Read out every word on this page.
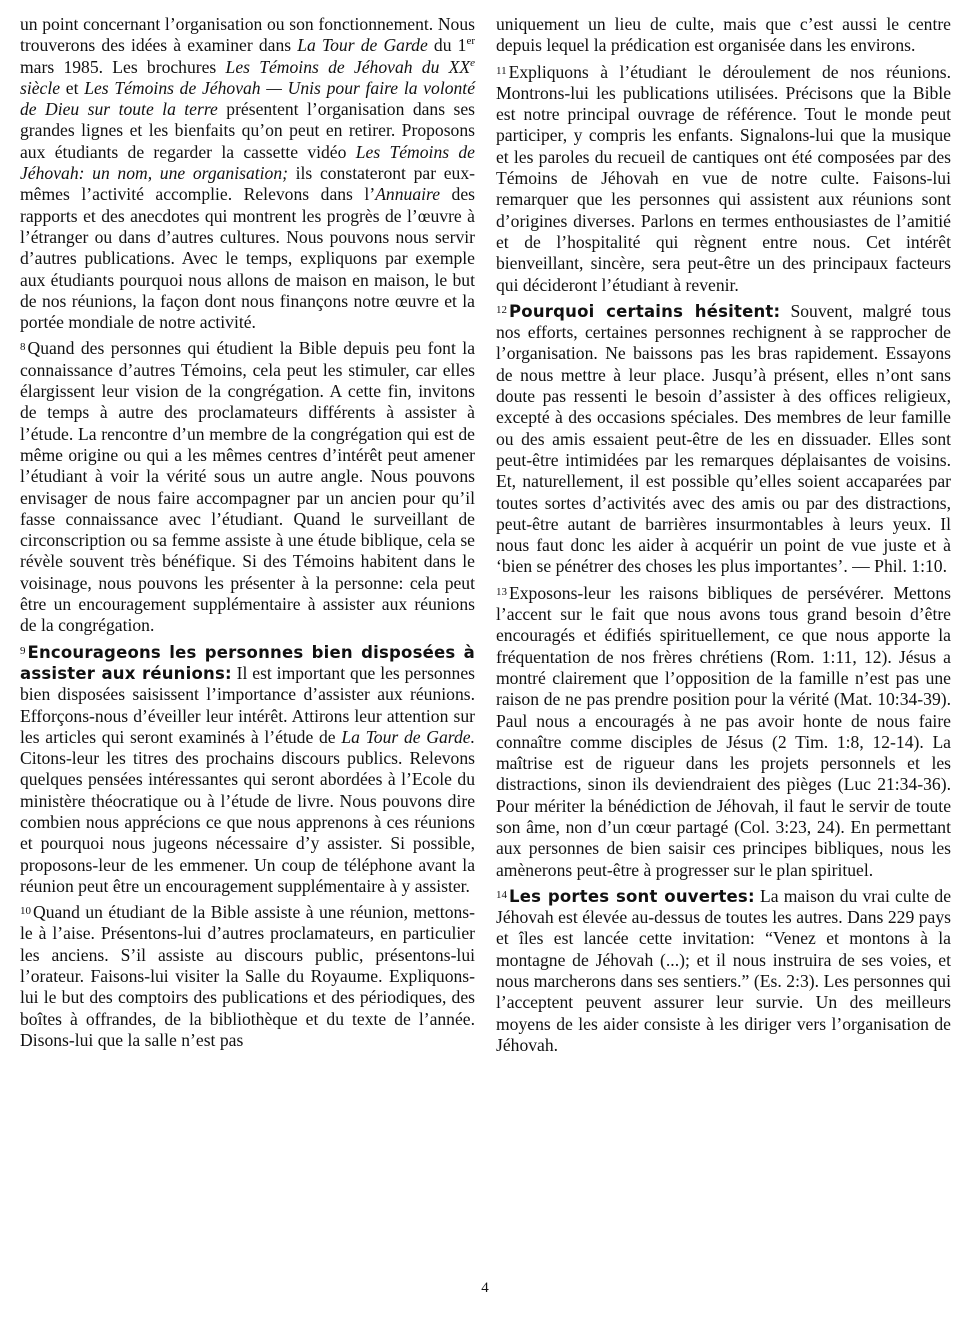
un point concernant l’organisation ou son fonctionnement. Nous trouverons des idées à examiner dans La Tour de Garde du 1er mars 1985. Les brochures Les Témoins de Jéhovah du XXe siècle et Les Témoins de Jéhovah — Unis pour faire la volonté de Dieu sur toute la terre présentent l’organisation dans ses grandes lignes et les bienfaits qu’on peut en retirer. Proposons aux étudiants de regarder la cassette vidéo Les Témoins de Jéhovah: un nom, une organisation; ils constateront par eux-mêmes l’activité accomplie. Relevons dans l’Annuaire des rapports et des anecdotes qui montrent les progrès de l’œuvre à l’étranger ou dans d’autres cultures. Nous pouvons nous servir d’autres publications. Avec le temps, expliquons par exemple aux étudiants pourquoi nous allons de maison en maison, le but de nos réunions, la façon dont nous finançons notre œuvre et la portée mondiale de notre activité.

$^8$ Quand des personnes qui étudient la Bible depuis peu font la connaissance d’autres Témoins, cela peut les stimuler, car elles élargissent leur vision de la congrégation. A cette fin, invitons de temps à autre des proclamateurs différents à assister à l’étude. La rencontre d’un membre de la congrégation qui est de même origine ou qui a les mêmes centres d’intérêt peut amener l’étudiant à voir la vérité sous un autre angle. Nous pouvons envisager de nous faire accompagner par un ancien pour qu’il fasse connaissance avec l’étudiant. Quand le surveillant de circonscription ou sa femme assiste à une étude biblique, cela se révèle souvent très bénéfique. Si des Témoins habitent dans le voisinage, nous pouvons les présenter à la personne: cela peut être un encouragement supplémentaire à assister aux réunions de la congrégation.

$^9$ Encourageons les personnes bien disposées à assister aux réunions: Il est important que les personnes bien disposées saisissent l’importance d’assister aux réunions. Efforçons-nous d’éveiller leur intérêt. Attirons leur attention sur les articles qui seront examinés à l’étude de La Tour de Garde. Citons-leur les titres des prochains discours publics. Relevons quelques pensées intéressantes qui seront abordées à l’Ecole du ministère théocratique ou à l’étude de livre. Nous pouvons dire combien nous apprécions ce que nous apprenons à ces réunions et pourquoi nous jugeons nécessaire d’y assister. Si possible, proposons-leur de les emmener. Un coup de téléphone avant la réunion peut être un encouragement supplémentaire à y assister.

$^{10}$ Quand un étudiant de la Bible assiste à une réunion, mettons-le à l’aise. Présentons-lui d’autres proclamateurs, en particulier les anciens. S’il assiste au discours public, présentons-lui l’orateur. Faisons-lui visiter la Salle du Royaume. Expliquons-lui le but des comptoirs des publications et des périodiques, des boîtes à offrandes, de la bibliothèque et du texte de l’année. Disons-lui que la salle n’est pas

uniquement un lieu de culte, mais que c’est aussi le centre depuis lequel la prédication est organisée dans les environs.

$^{11}$ Expliquons à l’étudiant le déroulement de nos réunions. Montrons-lui les publications utilisées. Précisons que la Bible est notre principal ouvrage de référence. Tout le monde peut participer, y compris les enfants. Signalons-lui que la musique et les paroles du recueil de cantiques ont été composées par des Témoins de Jéhovah en vue de notre culte. Faisons-lui remarquer que les personnes qui assistent aux réunions sont d’origines diverses. Parlons en termes enthousiastes de l’amitié et de l’hospitalité qui règnent entre nous. Cet intérêt bienveillant, sincère, sera peut-être un des principaux facteurs qui décideront l’étudiant à revenir.

$^{12}$ Pourquoi certains hésitent: Souvent, malgré tous nos efforts, certaines personnes rechignent à se rapprocher de l’organisation. Ne baissons pas les bras rapidement. Essayons de nous mettre à leur place. Jusqu’à présent, elles n’ont sans doute pas ressenti le besoin d’assister à des offices religieux, excepté à des occasions spéciales. Des membres de leur famille ou des amis essaient peut-être de les en dissuader. Elles sont peut-être intimidées par les remarques déplaisantes de voisins. Et, naturellement, il est possible qu’elles soient accaparées par toutes sortes d’activités avec des amis ou par des distractions, peut-être autant de barrières insurmontables à leurs yeux. Il nous faut donc les aider à acquérir un point de vue juste et à ‘bien se pénétrer des choses les plus importantes’. — Phil. 1:10.

$^{13}$ Exposons-leur les raisons bibliques de persévérer. Mettons l’accent sur le fait que nous avons tous grand besoin d’être encouragés et édifiés spirituellement, ce que nous apporte la fréquentation de nos frères chrétiens (Rom. 1:11, 12). Jésus a montré clairement que l’opposition de la famille n’est pas une raison de ne pas prendre position pour la vérité (Mat. 10:34-39). Paul nous a encouragés à ne pas avoir honte de nous faire connaître comme disciples de Jésus (2 Tim. 1:8, 12-14). La maîtrise est de rigueur dans les projets personnels et les distractions, sinon ils deviendraient des pièges (Luc 21:34-36). Pour mériter la bénédiction de Jéhovah, il faut le servir de toute son âme, non d’un cœur partagé (Col. 3:23, 24). En permettant aux personnes de bien saisir ces principes bibliques, nous les amènerons peut-être à progresser sur le plan spirituel.

$^{14}$ Les portes sont ouvertes: La maison du vrai culte de Jéhovah est élevée au-dessus de toutes les autres. Dans 229 pays et îles est lancée cette invitation: “Venez et montons à la montagne de Jéhovah (...); et il nous instruira de ses voies, et nous marcherons dans ses sentiers.” (Es. 2:3). Les personnes qui l’acceptent peuvent assurer leur survie. Un des meilleurs moyens de les aider consiste à les diriger vers l’organisation de Jéhovah.

4
